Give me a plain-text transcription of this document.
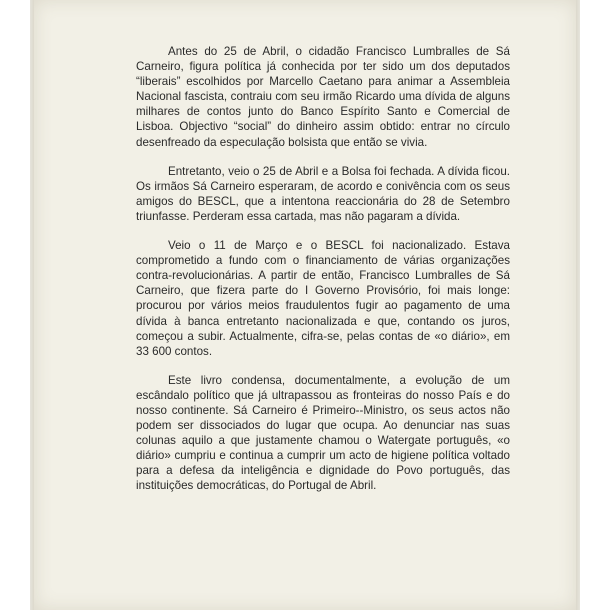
Antes do 25 de Abril, o cidadão Francisco Lumbralles de Sá Carneiro, figura política já conhecida por ter sido um dos deputados “liberais” escolhidos por Marcello Caetano para animar a Assembleia Nacional fascista, contraiu com seu irmão Ricardo uma dívida de alguns milhares de contos junto do Banco Espírito Santo e Comercial de Lisboa. Objectivo “social” do dinheiro assim obtido: entrar no círculo desenfreado da especulação bolsista que então se vivia.

Entretanto, veio o 25 de Abril e a Bolsa foi fechada. A dívida ficou. Os irmãos Sá Carneiro esperaram, de acordo e conivência com os seus amigos do BESCL, que a intentona reaccionária do 28 de Setembro triunfasse. Perderam essa cartada, mas não pagaram a dívida.

Veio o 11 de Março e o BESCL foi nacionalizado. Estava comprometido a fundo com o financiamento de várias organizações contra-revolucionárias. A partir de então, Francisco Lumbralles de Sá Carneiro, que fizera parte do I Governo Provisório, foi mais longe: procurou por vários meios fraudulentos fugir ao pagamento de uma dívida à banca entretanto nacionalizada e que, contando os juros, começou a subir. Actualmente, cifra-se, pelas contas de «o diário», em 33 600 contos.

Este livro condensa, documentalmente, a evolução de um escândalo político que já ultrapassou as fronteiras do nosso País e do nosso continente. Sá Carneiro é Primeiro--Ministro, os seus actos não podem ser dissociados do lugar que ocupa. Ao denunciar nas suas colunas aquilo a que justamente chamou o Watergate português, «o diário» cumpriu e continua a cumprir um acto de higiene política voltado para a defesa da inteligência e dignidade do Povo português, das instituições democráticas, do Portugal de Abril.
